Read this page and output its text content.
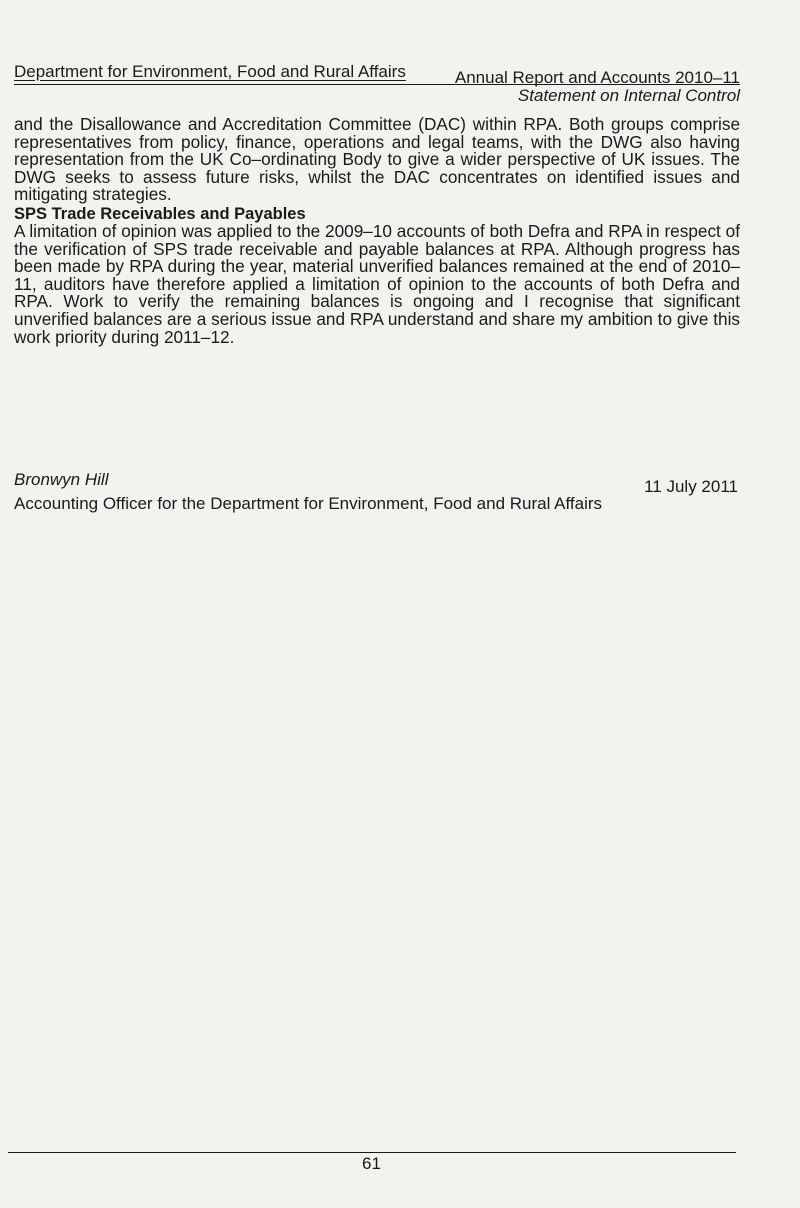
Department for Environment, Food and Rural Affairs	Annual Report and Accounts 2010–11
Statement on Internal Control

and the Disallowance and Accreditation Committee (DAC) within RPA. Both groups comprise representatives from policy, finance, operations and legal teams, with the DWG also having representation from the UK Co–ordinating Body to give a wider perspective of UK issues. The DWG seeks to assess future risks, whilst the DAC concentrates on identified issues and mitigating strategies.

SPS Trade Receivables and Payables

A limitation of opinion was applied to the 2009–10 accounts of both Defra and RPA in respect of the verification of SPS trade receivable and payable balances at RPA. Although progress has been made by RPA during the year, material unverified balances remained at the end of 2010–11, auditors have therefore applied a limitation of opinion to the accounts of both Defra and RPA. Work to verify the remaining balances is ongoing and I recognise that significant unverified balances are a serious issue and RPA understand and share my ambition to give this work priority during 2011–12.

Bronwyn Hill	11 July 2011
Accounting Officer for the Department for Environment, Food and Rural Affairs
61
